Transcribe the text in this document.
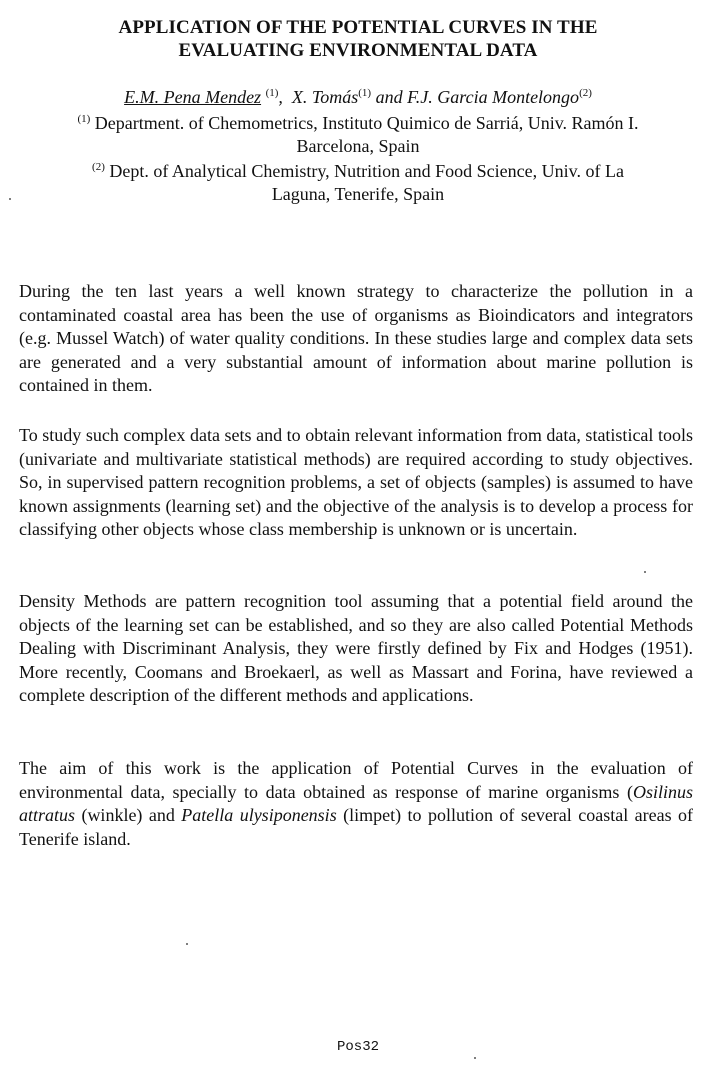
APPLICATION OF THE POTENTIAL CURVES IN THE
EVALUATING ENVIRONMENTAL DATA
E.M. Pena Mendez $^{(1)}$,  X. Tomás$^{(1)}$ and F.J. Garcia Montelongo$^{(2)}$
$^{(1)}$ Department. of Chemometrics, Instituto Quimico de Sarriá, Univ. Ramón I.
Barcelona, Spain
$^{(2)}$ Dept. of Analytical Chemistry, Nutrition and Food Science, Univ. of La
Laguna, Tenerife, Spain

During the ten last years a well known strategy to characterize the pollution in a contaminated coastal area has been the use of organisms as Bioindicators and integrators (e.g. Mussel Watch) of water quality conditions. In these studies large and complex data sets are generated and a very substantial amount of information about marine pollution is contained in them.

To study such complex data sets and to obtain relevant information from data, statistical tools (univariate and multivariate statistical methods) are required according to study objectives. So, in supervised pattern recognition problems, a set of objects (samples) is assumed to have known assignments (learning set) and the objective of the analysis is to develop a process for classifying other objects whose class membership is unknown or is uncertain.

Density Methods are pattern recognition tool assuming that a potential field around the objects of the learning set can be established, and so they are also called Potential Methods Dealing with Discriminant Analysis, they were firstly defined by Fix and Hodges (1951). More recently, Coomans and Broekaerl, as well as Massart and Forina, have reviewed a complete description of the different methods and applications.

The aim of this work is the application of Potential Curves in the evaluation of environmental data, specially to data obtained as response of marine organisms (Osilinus attratus (winkle) and Patella ulysiponensis (limpet) to pollution of several coastal areas of Tenerife island.

Pos32
